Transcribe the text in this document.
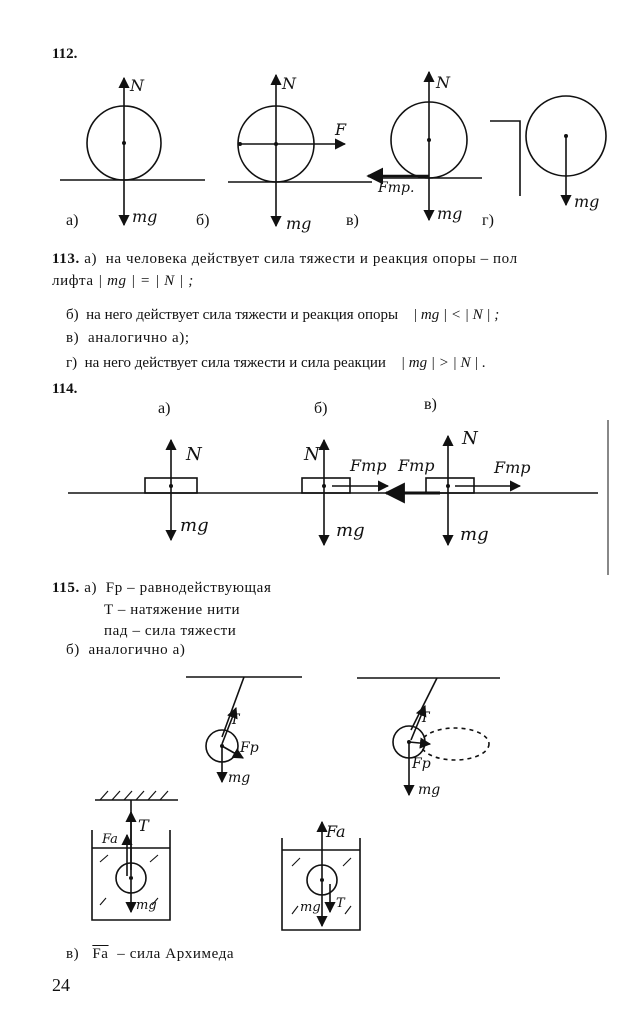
112.
N
mg
N
F
mg
N
Fтр.
mg
mg
а)	б)	в)	г)
113. а) на человека действует сила тяжести и реакция опоры – пол
лифта | mg | = | N | ;
б) на него действует сила тяжести и реакция опоры | mg | < | N | ;
в) аналогично а);
г) на него действует сила тяжести и сила реакции | mg | > | N | .
114.
а)	б)	в)
N
mg
N
Fтр
mg
Fтр
N
Fтр
mg
115. а) Fр – равнодействующая
T – натяжение нити
пад – сила тяжести
б) аналогично а)
T
Fp
mg
T
Fp
mg
T
Fa
mg
Fa
mg T
в) $\overline{Fa}$ – сила Архимеда
24
